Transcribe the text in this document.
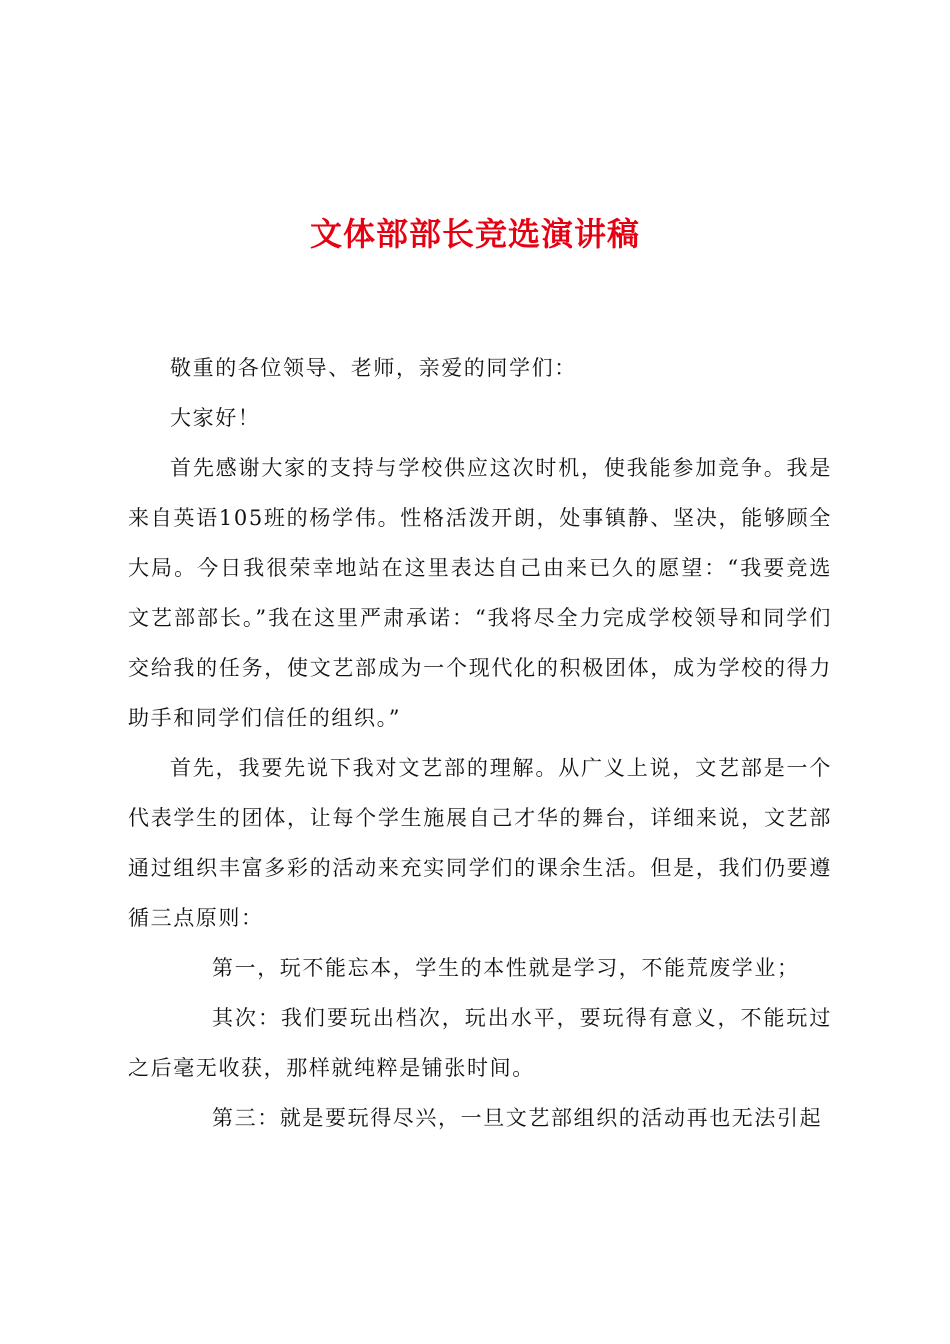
文体部部长竞选演讲稿

敬重的各位领导、老师，亲爱的同学们：

大家好！

首先感谢大家的支持与学校供应这次时机，使我能参加竞争。我是来自英语105班的杨学伟。性格活泼开朗，处事镇静、坚决，能够顾全大局。今日我很荣幸地站在这里表达自己由来已久的愿望：“我要竞选文艺部部长。”我在这里严肃承诺：“我将尽全力完成学校领导和同学们交给我的任务，使文艺部成为一个现代化的积极团体，成为学校的得力助手和同学们信任的组织。”

首先，我要先说下我对文艺部的理解。从广义上说，文艺部是一个代表学生的团体，让每个学生施展自己才华的舞台，详细来说，文艺部通过组织丰富多彩的活动来充实同学们的课余生活。但是，我们仍要遵循三点原则：

第一，玩不能忘本，学生的本性就是学习，不能荒废学业；

其次：我们要玩出档次，玩出水平，要玩得有意义，不能玩过之后毫无收获，那样就纯粹是铺张时间。

第三：就是要玩得尽兴，一旦文艺部组织的活动再也无法引起
